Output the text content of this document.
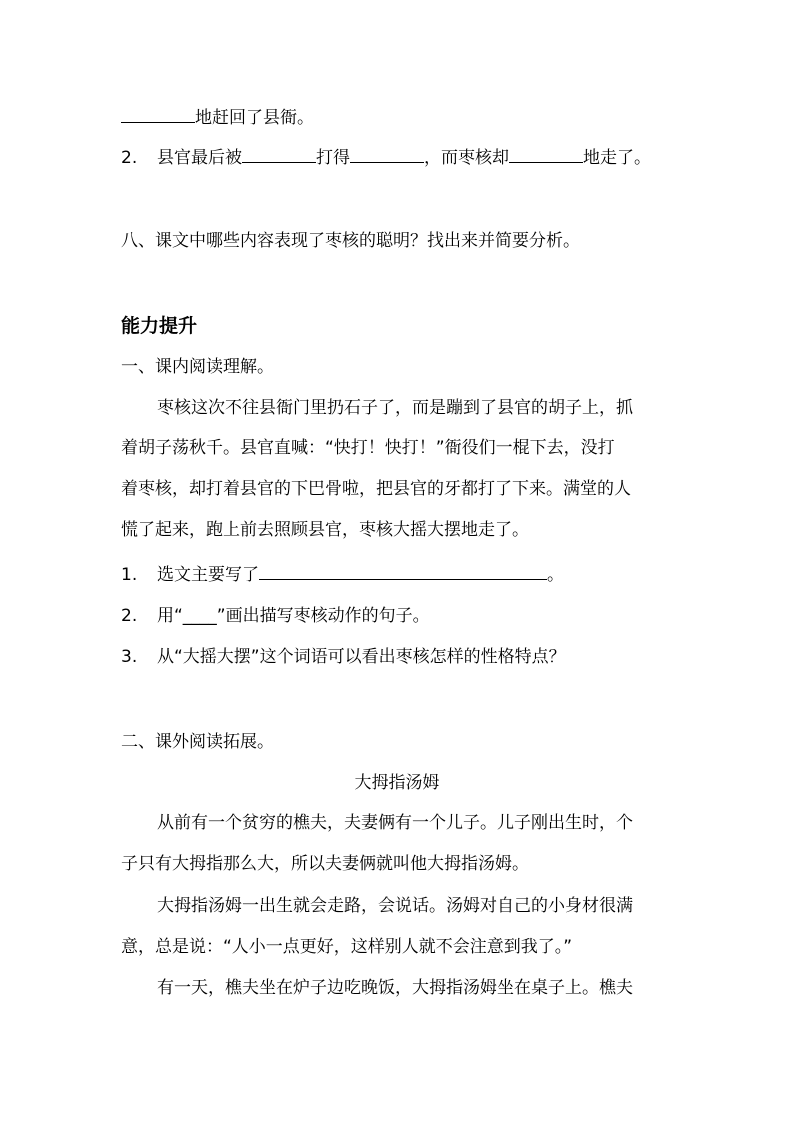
地赶回了县衙。
2. 县官最后被	打得	，而枣核却	地走了。
八、课文中哪些内容表现了枣核的聪明？找出来并简要分析。
能力提升
一、课内阅读理解。
枣核这次不往县衙门里扔石子了，而是蹦到了县官的胡子上，抓
着胡子荡秋千。县官直喊：“快打！快打！”衙役们一棍下去，没打
着枣核，却打着县官的下巴骨啦，把县官的牙都打了下来。满堂的人
慌了起来，跑上前去照顾县官，枣核大摇大摆地走了。
1. 选文主要写了	。
2. 用“____”画出描写枣核动作的句子。
3. 从“大摇大摆”这个词语可以看出枣核怎样的性格特点？
二、课外阅读拓展。
大拇指汤姆
从前有一个贫穷的樵夫，夫妻俩有一个儿子。儿子刚出生时，个
子只有大拇指那么大，所以夫妻俩就叫他大拇指汤姆。
大拇指汤姆一出生就会走路，会说话。汤姆对自己的小身材很满
意，总是说：“人小一点更好，这样别人就不会注意到我了。”
有一天，樵夫坐在炉子边吃晚饭，大拇指汤姆坐在桌子上。樵夫
